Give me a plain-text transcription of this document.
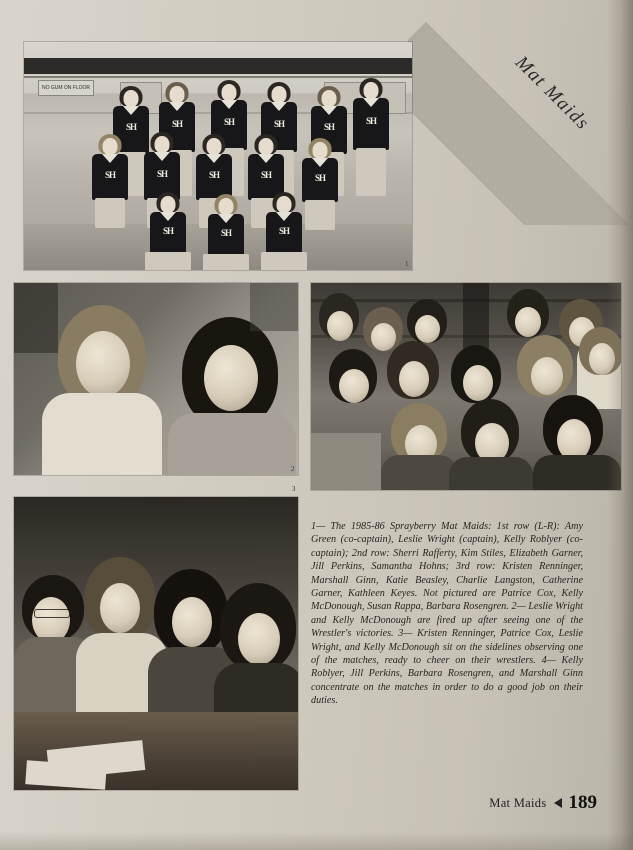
Mat Maids
NO GUM ON FLOOR
SH	SH	SH	SH	SH
SH
SH	SH	SH	SH	SH
SH	SH	SH
1
2
3
4
1— The 1985-86 Sprayberry Mat Maids: 1st row (L-R): Amy Green (co-captain), Leslie Wright (captain), Kelly Roblyer (co-captain); 2nd row: Sherri Rafferty, Kim Stiles, Elizabeth Garner, Jill Perkins, Samantha Hohns; 3rd row: Kristen Renninger, Marshall Ginn, Katie Beasley, Charlie Langston, Catherine Garner, Kathleen Keyes. Not pictured are Patrice Cox, Kelly McDonough, Susan Rappa, Barbara Rosengren. 2— Leslie Wright and Kelly McDonough are fired up after seeing one of the Wrestler's victories. 3— Kristen Renninger, Patrice Cox, Leslie Wright, and Kelly McDonough sit on the sidelines observing one of the matches, ready to cheer on their wrestlers. 4— Kelly Roblyer, Jill Perkins, Barbara Rosengren, and Marshall Ginn concentrate on the matches in order to do a good job on their duties.
Mat Maids 189
